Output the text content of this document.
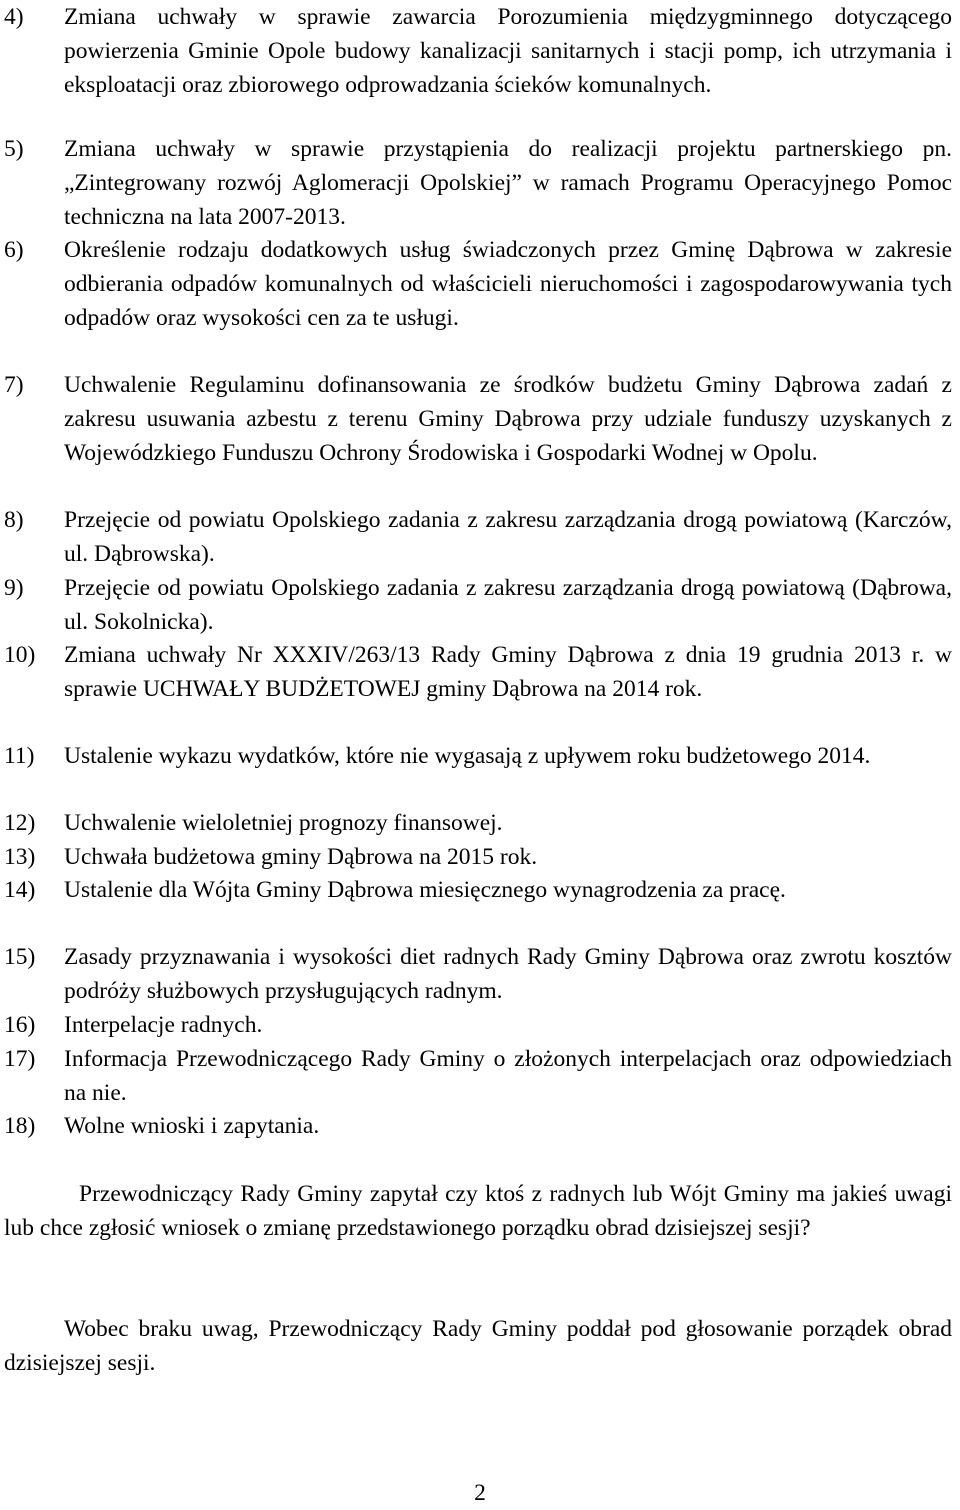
4) Zmiana uchwały w sprawie zawarcia Porozumienia międzygminnego dotyczącego powierzenia Gminie Opole budowy kanalizacji sanitarnych i stacji pomp, ich utrzymania i eksploatacji oraz zbiorowego odprowadzania ścieków komunalnych.
5) Zmiana uchwały w sprawie przystąpienia do realizacji projektu partnerskiego pn. „Zintegrowany rozwój Aglomeracji Opolskiej” w ramach Programu Operacyjnego Pomoc techniczna na lata 2007-2013.
6) Określenie rodzaju dodatkowych usług świadczonych przez Gminę Dąbrowa w zakresie odbierania odpadów komunalnych od właścicieli nieruchomości i zagospodarowywania tych odpadów oraz wysokości cen za te usługi.
7) Uchwalenie Regulaminu dofinansowania ze środków budżetu Gminy Dąbrowa zadań z zakresu usuwania azbestu z terenu Gminy Dąbrowa przy udziale funduszy uzyskanych z Wojewódzkiego Funduszu Ochrony Środowiska i Gospodarki Wodnej w Opolu.
8) Przejęcie od powiatu Opolskiego zadania z zakresu zarządzania drogą powiatową (Karczów, ul. Dąbrowska).
9) Przejęcie od powiatu Opolskiego zadania z zakresu zarządzania drogą powiatową (Dąbrowa, ul. Sokolnicka).
10) Zmiana uchwały Nr XXXIV/263/13 Rady Gminy Dąbrowa z dnia 19 grudnia 2013 r. w sprawie UCHWAŁY BUDŻETOWEJ gminy Dąbrowa na 2014 rok.
11) Ustalenie wykazu wydatków, które nie wygasają z upływem roku budżetowego 2014.
12) Uchwalenie wieloletniej prognozy finansowej.
13) Uchwała budżetowa gminy Dąbrowa na 2015 rok.
14) Ustalenie dla Wójta Gminy Dąbrowa miesięcznego wynagrodzenia za pracę.
15) Zasady przyznawania i wysokości diet radnych Rady Gminy Dąbrowa oraz zwrotu kosztów podróży służbowych przysługujących radnym.
16) Interpelacje radnych.
17) Informacja Przewodniczącego Rady Gminy o złożonych interpelacjach oraz odpowiedziach na nie.
18) Wolne wnioski i zapytania.
Przewodniczący Rady Gminy zapytał czy ktoś z radnych lub Wójt Gminy ma jakieś uwagi lub chce zgłosić wniosek o zmianę przedstawionego porządku obrad dzisiejszej sesji?
Wobec braku uwag, Przewodniczący Rady Gminy poddał pod głosowanie porządek obrad dzisiejszej sesji.
2
